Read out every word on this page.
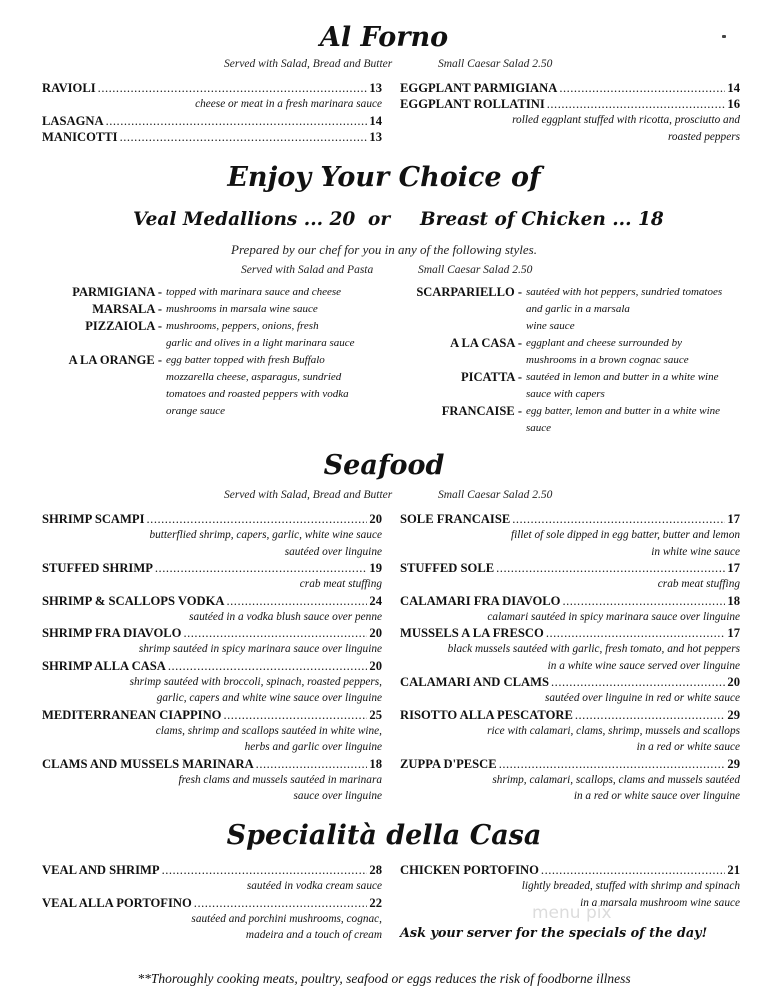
Al Forno
Served with Salad, Bread and Butter	Small Caesar Salad 2.50
RAVIOLI .....	13
cheese or meat in a fresh marinara sauce
LASAGNA .....	14
MANICOTTI .....	13
EGGPLANT PARMIGIANA .....	14
EGGPLANT ROLLATINI .....	16
rolled eggplant stuffed with ricotta, prosciutto and
roasted peppers
Enjoy Your Choice of
Veal Medallions ... 20 or Breast of Chicken ... 18
Prepared by our chef for you in any of the following styles.
Served with Salad and Pasta	Small Caesar Salad 2.50
PARMIGIANA - topped with marinara sauce and cheese
MARSALA - mushrooms in marsala wine sauce
PIZZAIOLA - mushrooms, peppers, onions, fresh
garlic and olives in a light marinara sauce
A LA ORANGE - egg batter topped with fresh Buffalo
mozzarella cheese, asparagus, sundried
tomatoes and roasted peppers with vodka
orange sauce
SCARPARIELLO - sautéed with hot peppers, sundried tomatoes
and garlic in a marsala
wine sauce
A LA CASA - eggplant and cheese surrounded by
mushrooms in a brown cognac sauce
PICATTA - sautéed in lemon and butter in a white wine
sauce with capers
FRANCAISE - egg batter, lemon and butter in a white wine
sauce
Seafood
Served with Salad, Bread and Butter	Small Caesar Salad 2.50
SHRIMP SCAMPI .....	20
butterflied shrimp, capers, garlic, white wine sauce
sautéed over linguine
STUFFED SHRIMP .....	19
crab meat stuffing
SHRIMP & SCALLOPS VODKA .....	24
sautéed in a vodka blush sauce over penne
SHRIMP FRA DIAVOLO .....	20
shrimp sautéed in spicy marinara sauce over linguine
SHRIMP ALLA CASA .....	20
shrimp sautéed with broccoli, spinach, roasted peppers,
garlic, capers and white wine sauce over linguine
MEDITERRANEAN CIAPPINO .....	25
clams, shrimp and scallops sautéed in white wine,
herbs and garlic over linguine
CLAMS AND MUSSELS MARINARA .....	18
fresh clams and mussels sautéed in marinara
sauce over linguine
SOLE FRANCAISE .....	17
fillet of sole dipped in egg batter, butter and lemon
in white wine sauce
STUFFED SOLE .....	17
crab meat stuffing
CALAMARI FRA DIAVOLO .....	18
calamari sautéed in spicy marinara sauce over linguine
MUSSELS A LA FRESCO .....	17
black mussels sautéed with garlic, fresh tomato, and hot peppers
in a white wine sauce served over linguine
CALAMARI AND CLAMS .....	20
sautéed over linguine in red or white sauce
RISOTTO ALLA PESCATORE .....	29
rice with calamari, clams, shrimp, mussels and scallops
in a red or white sauce
ZUPPA D'PESCE .....	29
shrimp, calamari, scallops, clams and mussels sautéed
in a red or white sauce over linguine
Specialità della Casa
VEAL AND SHRIMP .....	28
sautéed in vodka cream sauce
VEAL ALLA PORTOFINO .....	22
sautéed and porchini mushrooms, cognac,
madeira and a touch of cream
CHICKEN PORTOFINO .....	21
lightly breaded, stuffed with shrimp and spinach
in a marsala mushroom wine sauce
Ask your server for the specials of the day!
**Thoroughly cooking meats, poultry, seafood or eggs reduces the risk of foodborne illness
menu pix
